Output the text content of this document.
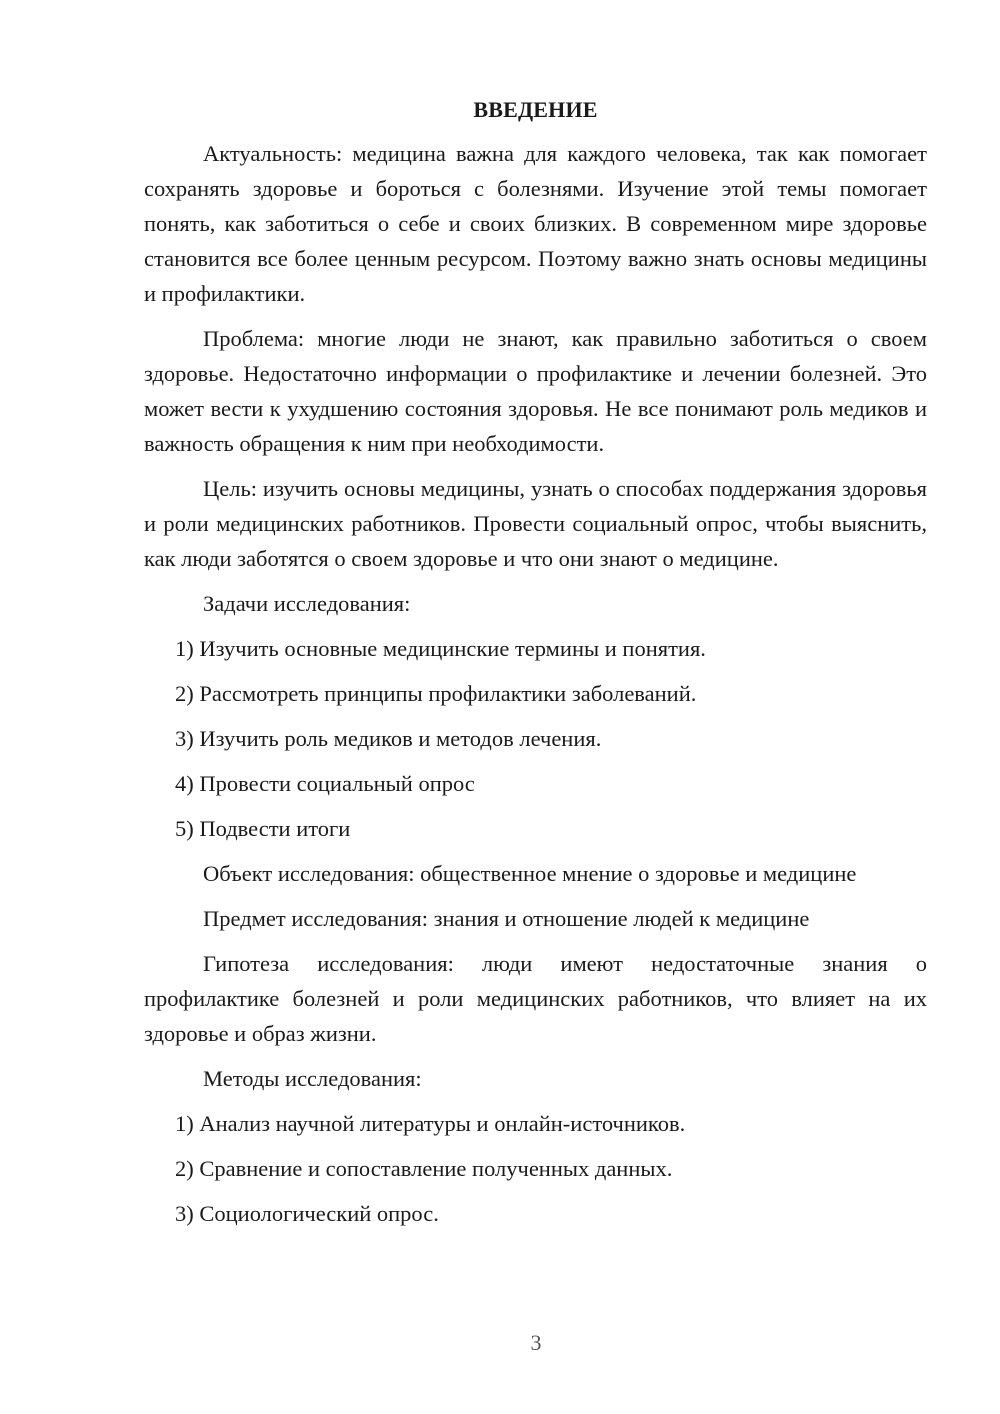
ВВЕДЕНИЕ

Актуальность: медицина важна для каждого человека, так как помогает сохранять здоровье и бороться с болезнями. Изучение этой темы помогает понять, как заботиться о себе и своих близких. В современном мире здоровье становится все более ценным ресурсом. Поэтому важно знать основы медицины и профилактики.

Проблема: многие люди не знают, как правильно заботиться о своем здоровье. Недостаточно информации о профилактике и лечении болезней. Это может вести к ухудшению состояния здоровья. Не все понимают роль медиков и важность обращения к ним при необходимости.

Цель: изучить основы медицины, узнать о способах поддержания здоровья и роли медицинских работников. Провести социальный опрос, чтобы выяснить, как люди заботятся о своем здоровье и что они знают о медицине.

Задачи исследования:

1) Изучить основные медицинские термины и понятия.

2) Рассмотреть принципы профилактики заболеваний.

3) Изучить роль медиков и методов лечения.

4) Провести социальный опрос

5) Подвести итоги

Объект исследования: общественное мнение о здоровье и медицине

Предмет исследования: знания и отношение людей к медицине

Гипотеза исследования: люди имеют недостаточные знания о профилактике болезней и роли медицинских работников, что влияет на их здоровье и образ жизни.

Методы исследования:

1) Анализ научной литературы и онлайн-источников.

2) Сравнение и сопоставление полученных данных.

3) Социологический опрос.

3
